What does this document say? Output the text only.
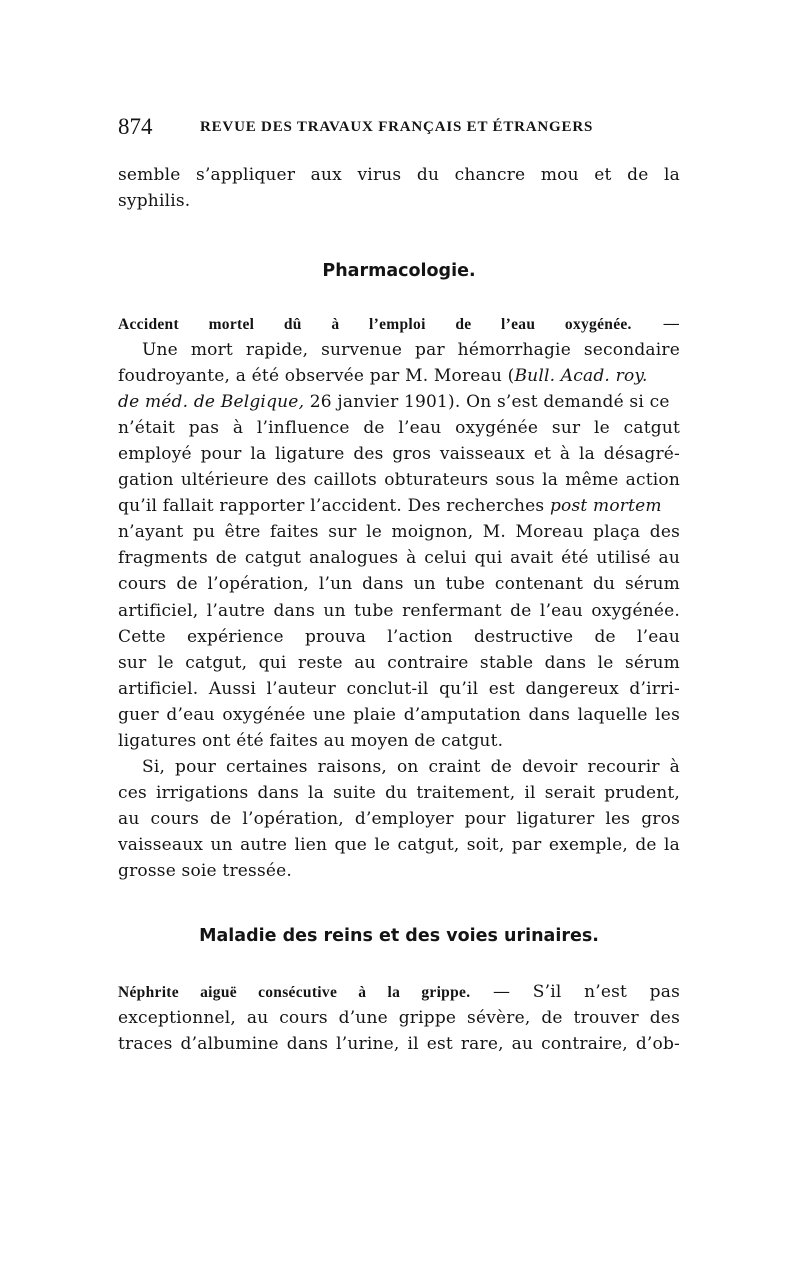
874	REVUE DES TRAVAUX FRANÇAIS ET ÉTRANGERS
semble s’appliquer aux virus du chancre mou et de la
syphilis.
Pharmacologie.
Accident mortel dû à l’emploi de l’eau oxygénée. —
Une mort rapide, survenue par hémorrhagie secondaire
foudroyante, a été observée par M. Moreau (Bull. Acad. roy.
de méd. de Belgique, 26 janvier 1901). On s’est demandé si ce
n’était pas à l’influence de l’eau oxygénée sur le catgut
employé pour la ligature des gros vaisseaux et à la désagré-
gation ultérieure des caillots obturateurs sous la même action
qu’il fallait rapporter l’accident. Des recherches post mortem
n’ayant pu être faites sur le moignon, M. Moreau plaça des
fragments de catgut analogues à celui qui avait été utilisé au
cours de l’opération, l’un dans un tube contenant du sérum
artificiel, l’autre dans un tube renfermant de l’eau oxygénée.
Cette expérience prouva l’action destructive de l’eau
sur le catgut, qui reste au contraire stable dans le sérum
artificiel. Aussi l’auteur conclut-il qu’il est dangereux d’irri-
guer d’eau oxygénée une plaie d’amputation dans laquelle les
ligatures ont été faites au moyen de catgut.
Si, pour certaines raisons, on craint de devoir recourir à
ces irrigations dans la suite du traitement, il serait prudent,
au cours de l’opération, d’employer pour ligaturer les gros
vaisseaux un autre lien que le catgut, soit, par exemple, de la
grosse soie tressée.
Maladie des reins et des voies urinaires.
Néphrite aiguë consécutive à la grippe. — S’il n’est pas
exceptionnel, au cours d’une grippe sévère, de trouver des
traces d’albumine dans l’urine, il est rare, au contraire, d’ob-
